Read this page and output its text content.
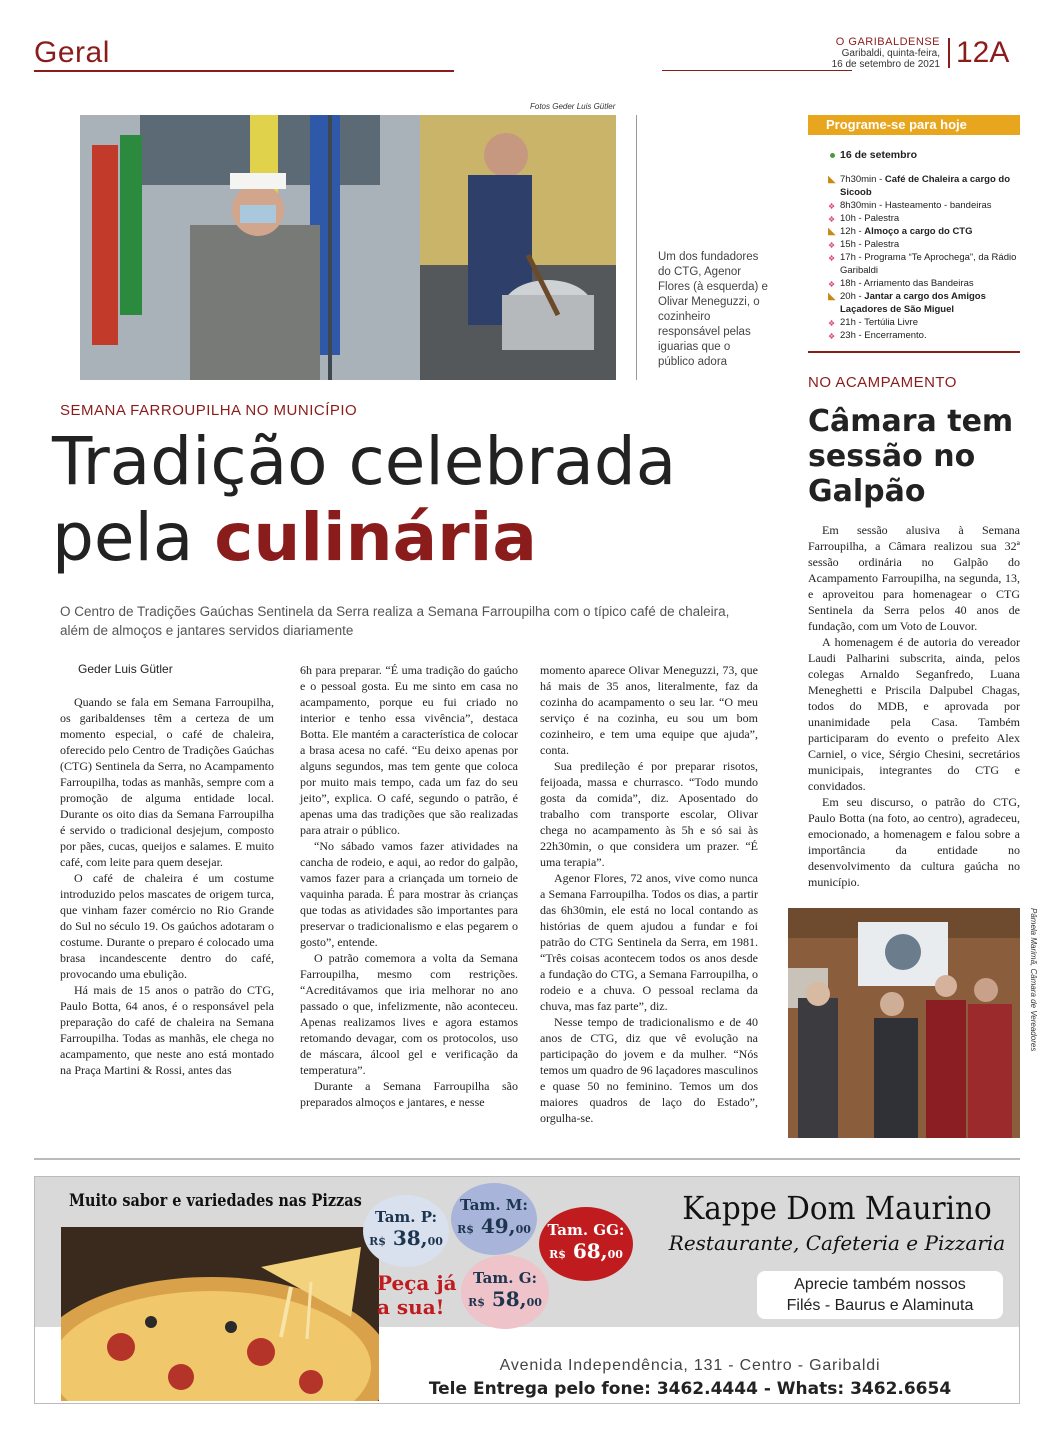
Geral	O GARIBALDENSE
Garibaldi, quinta-feira,
16 de setembro de 2021 12A
Fotos Geder Luis Gütler
Um dos fundadores do CTG, Agenor Flores (à esquerda) e Olivar Meneguzzi, o cozinheiro responsável pelas iguarias que o público adora
SEMANA FARROUPILHA NO MUNICÍPIO
Tradição celebrada
pela culinária
O Centro de Tradições Gaúchas Sentinela da Serra realiza a Semana Farroupilha com o típico café de chaleira, além de almoços e jantares servidos diariamente
Geder Luis Gütler

Quando se fala em Semana Farroupilha, os garibaldenses têm a certeza de um momento especial, o café de chaleira, oferecido pelo Centro de Tradições Gaúchas (CTG) Sentinela da Serra, no Acampamento Farroupilha, todas as manhãs, sempre com a promoção de alguma entidade local. Durante os oito dias da Semana Farroupilha é servido o tradicional desjejum, composto por pães, cucas, queijos e salames. E muito café, com leite para quem desejar.

O café de chaleira é um costume introduzido pelos mascates de origem turca, que vinham fazer comércio no Rio Grande do Sul no século 19. Os gaúchos adotaram o costume. Durante o preparo é colocado uma brasa incandescente dentro do café, provocando uma ebulição.

Há mais de 15 anos o patrão do CTG, Paulo Botta, 64 anos, é o responsável pela preparação do café de chaleira na Semana Farroupilha. Todas as manhãs, ele chega no acampamento, que neste ano está montado na Praça Martini & Rossi, antes das

6h para preparar. “É uma tradição do gaúcho e o pessoal gosta. Eu me sinto em casa no acampamento, porque eu fui criado no interior e tenho essa vivência”, destaca Botta. Ele mantém a característica de colocar a brasa acesa no café. “Eu deixo apenas por alguns segundos, mas tem gente que coloca por muito mais tempo, cada um faz do seu jeito”, explica. O café, segundo o patrão, é apenas uma das tradições que são realizadas para atrair o público.

“No sábado vamos fazer atividades na cancha de rodeio, e aqui, ao redor do galpão, vamos fazer para a criançada um torneio de vaquinha parada. É para mostrar às crianças que todas as atividades são importantes para preservar o tradicionalismo e elas pegarem o gosto”, entende.

O patrão comemora a volta da Semana Farroupilha, mesmo com restrições. “Acreditávamos que iria melhorar no ano passado o que, infelizmente, não aconteceu. Apenas realizamos lives e agora estamos retomando devagar, com os protocolos, uso de máscara, álcool gel e verificação da temperatura”.

Durante a Semana Farroupilha são preparados almoços e jantares, e nesse

momento aparece Olivar Meneguzzi, 73, que há mais de 35 anos, literalmente, faz da cozinha do acampamento o seu lar. “O meu serviço é na cozinha, eu sou um bom cozinheiro, e tem uma equipe que ajuda”, conta.

Sua predileção é por preparar risotos, feijoada, massa e churrasco. “Todo mundo gosta da comida”, diz. Aposentado do trabalho com transporte escolar, Olivar chega no acampamento às 5h e só sai às 22h30min, o que considera um prazer. “É uma terapia”.

Agenor Flores, 72 anos, vive como nunca a Semana Farroupilha. Todos os dias, a partir das 6h30min, ele está no local contando as histórias de quem ajudou a fundar e foi patrão do CTG Sentinela da Serra, em 1981. “Três coisas acontecem todos os anos desde a fundação do CTG, a Semana Farroupilha, o rodeio e a chuva. O pessoal reclama da chuva, mas faz parte”, diz.

Nesse tempo de tradicionalismo e de 40 anos de CTG, diz que vê evolução na participação do jovem e da mulher. “Nós temos um quadro de 96 laçadores masculinos e quase 50 no feminino. Temos um dos maiores quadros de laço do Estado”, orgulha-se.

Programe-se para hoje
16 de setembro
◣ 7h30min - Café de Chaleira a cargo do Sicoob
❖ 8h30min - Hasteamento - bandeiras
❖ 10h - Palestra
◣ 12h - Almoço a cargo do CTG
❖ 15h - Palestra
❖ 17h - Programa “Te Aprochega”, da Rádio Garibaldi
❖ 18h - Arriamento das Bandeiras
◣ 20h - Jantar a cargo dos Amigos Laçadores de São Miguel
❖ 21h - Tertúlia Livre
❖ 23h - Encerramento.
NO ACAMPAMENTO
Câmara tem sessão no Galpão

Em sessão alusiva à Semana Farroupilha, a Câmara realizou sua 32ª sessão ordinária no Galpão do Acampamento Farroupilha, na segunda, 13, e aproveitou para homenagear o CTG Sentinela da Serra pelos 40 anos de fundação, com um Voto de Louvor.

A homenagem é de autoria do vereador Laudi Palharini subscrita, ainda, pelos colegas Arnaldo Seganfredo, Luana Meneghetti e Priscila Dalpubel Chagas, todos do MDB, e aprovada por unanimidade pela Casa. Também participaram do evento o prefeito Alex Carniel, o vice, Sérgio Chesini, secretários municipais, integrantes do CTG e convidados.

Em seu discurso, o patrão do CTG, Paulo Botta (na foto, ao centro), agradeceu, emocionado, a homenagem e falou sobre a importância da entidade no desenvolvimento da cultura gaúcha no município.

Pâmela Marimã, Câmara de Vereadores
Muito sabor e variedades nas Pizzas
Tam. P:
R$ 38,00
Tam. M:
R$ 49,00 Tam. GG:
R$ 68,00
Tam. G:
R$ 58,00
Peça já
a sua!
Kappe Dom Maurino
Restaurante, Cafeteria e Pizzaria
Aprecie também nossos
Filés - Baurus e Alaminuta
Avenida Independência, 131 - Centro - Garibaldi
Tele Entrega pelo fone: 3462.4444 - Whats: 3462.6654
